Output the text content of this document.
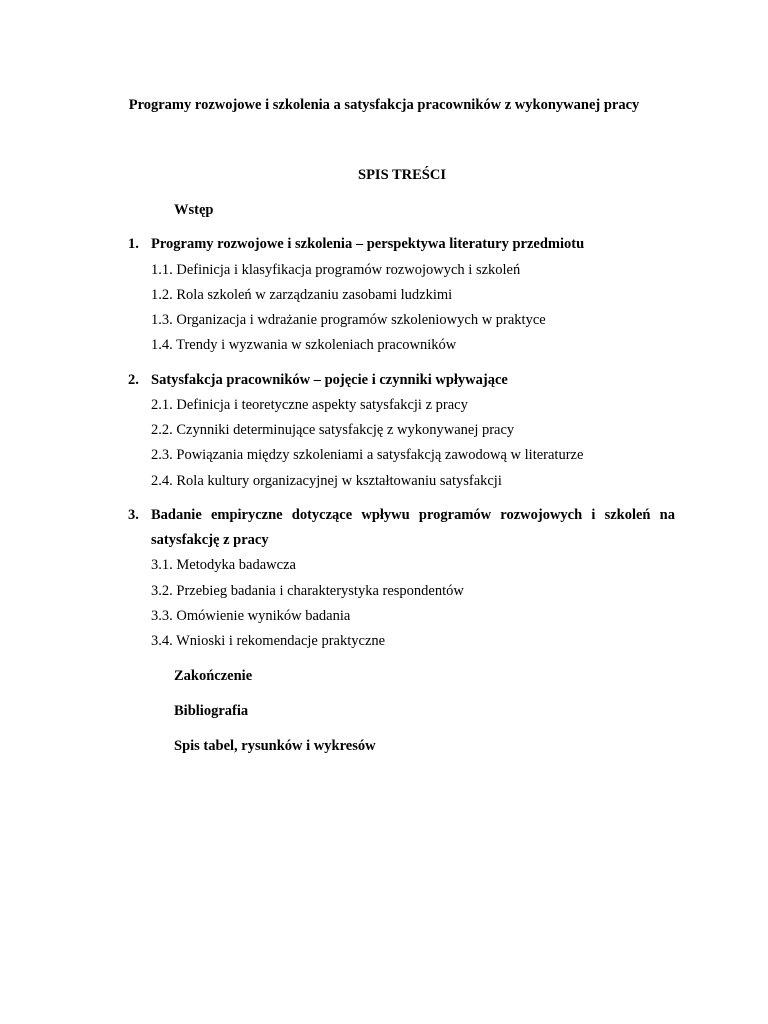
Programy rozwojowe i szkolenia a satysfakcja pracowników z wykonywanej pracy
SPIS TREŚCI
Wstęp
1. Programy rozwojowe i szkolenia – perspektywa literatury przedmiotu
1.1. Definicja i klasyfikacja programów rozwojowych i szkoleń
1.2. Rola szkoleń w zarządzaniu zasobami ludzkimi
1.3. Organizacja i wdrażanie programów szkoleniowych w praktyce
1.4. Trendy i wyzwania w szkoleniach pracowników
2. Satysfakcja pracowników – pojęcie i czynniki wpływające
2.1. Definicja i teoretyczne aspekty satysfakcji z pracy
2.2. Czynniki determinujące satysfakcję z wykonywanej pracy
2.3. Powiązania między szkoleniami a satysfakcją zawodową w literaturze
2.4. Rola kultury organizacyjnej w kształtowaniu satysfakcji
3. Badanie empiryczne dotyczące wpływu programów rozwojowych i szkoleń na
satysfakcję z pracy
3.1. Metodyka badawcza
3.2. Przebieg badania i charakterystyka respondentów
3.3. Omówienie wyników badania
3.4. Wnioski i rekomendacje praktyczne
Zakończenie
Bibliografia
Spis tabel, rysunków i wykresów
